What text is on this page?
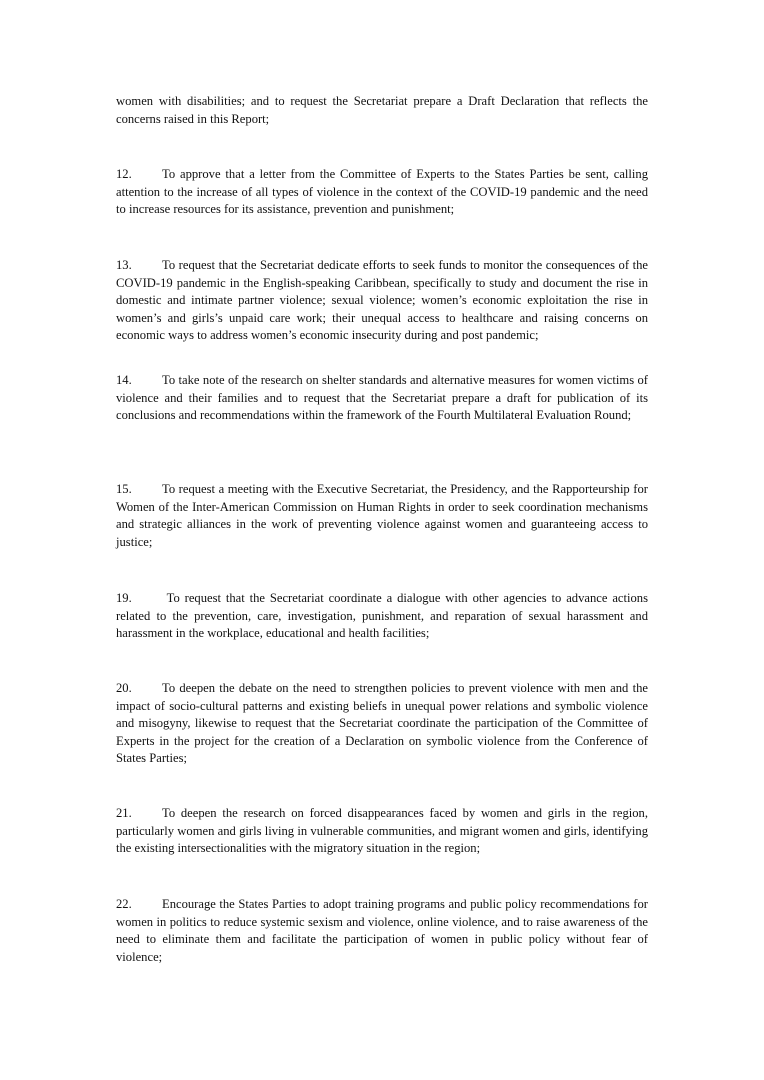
women with disabilities; and to request the Secretariat prepare a Draft Declaration that reflects the concerns raised in this Report;

12. To approve that a letter from the Committee of Experts to the States Parties be sent, calling attention to the increase of all types of violence in the context of the COVID-19 pandemic and the need to increase resources for its assistance, prevention and punishment;

13. To request that the Secretariat dedicate efforts to seek funds to monitor the consequences of the COVID-19 pandemic in the English-speaking Caribbean, specifically to study and document the rise in domestic and intimate partner violence; sexual violence; women’s economic exploitation the rise in women’s and girls’s unpaid care work; their unequal access to healthcare and raising concerns on economic ways to address women’s economic insecurity during and post pandemic;

14. To take note of the research on shelter standards and alternative measures for women victims of violence and their families and to request that the Secretariat prepare a draft for publication of its conclusions and recommendations within the framework of the Fourth Multilateral Evaluation Round;

15. To request a meeting with the Executive Secretariat, the Presidency, and the Rapporteurship for Women of the Inter-American Commission on Human Rights in order to seek coordination mechanisms and strategic alliances in the work of preventing violence against women and guaranteeing access to justice;

19. To request that the Secretariat coordinate a dialogue with other agencies to advance actions related to the prevention, care, investigation, punishment, and reparation of sexual harassment and harassment in the workplace, educational and health facilities;

20. To deepen the debate on the need to strengthen policies to prevent violence with men and the impact of socio-cultural patterns and existing beliefs in unequal power relations and symbolic violence and misogyny, likewise to request that the Secretariat coordinate the participation of the Committee of Experts in the project for the creation of a Declaration on symbolic violence from the Conference of States Parties;

21. To deepen the research on forced disappearances faced by women and girls in the region, particularly women and girls living in vulnerable communities, and migrant women and girls, identifying the existing intersectionalities with the migratory situation in the region;

22. Encourage the States Parties to adopt training programs and public policy recommendations for women in politics to reduce systemic sexism and violence, online violence, and to raise awareness of the need to eliminate them and facilitate the participation of women in public policy without fear of violence;
